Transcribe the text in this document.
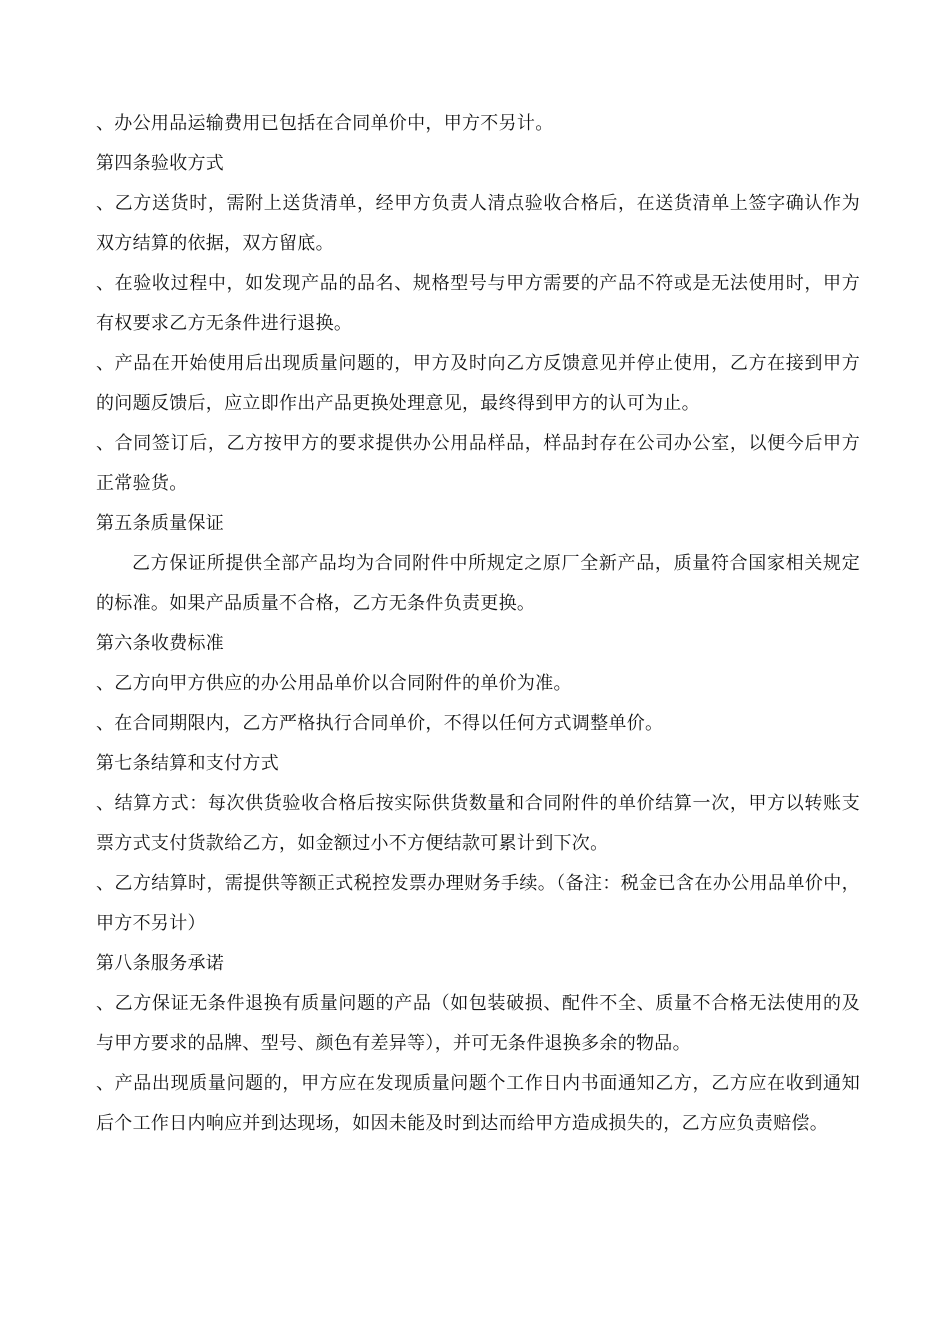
、办公用品运输费用已包括在合同单价中，甲方不另计。

第四条验收方式

、乙方送货时，需附上送货清单，经甲方负责人清点验收合格后，在送货清单上签字确认作为双方结算的依据，双方留底。

、在验收过程中，如发现产品的品名、规格型号与甲方需要的产品不符或是无法使用时，甲方有权要求乙方无条件进行退换。

、产品在开始使用后出现质量问题的，甲方及时向乙方反馈意见并停止使用，乙方在接到甲方的问题反馈后，应立即作出产品更换处理意见，最终得到甲方的认可为止。

、合同签订后，乙方按甲方的要求提供办公用品样品，样品封存在公司办公室，以便今后甲方正常验货。

第五条质量保证

乙方保证所提供全部产品均为合同附件中所规定之原厂全新产品，质量符合国家相关规定的标准。如果产品质量不合格，乙方无条件负责更换。

第六条收费标准

、乙方向甲方供应的办公用品单价以合同附件的单价为准。

、在合同期限内，乙方严格执行合同单价，不得以任何方式调整单价。

第七条结算和支付方式

、结算方式：每次供货验收合格后按实际供货数量和合同附件的单价结算一次，甲方以转账支票方式支付货款给乙方，如金额过小不方便结款可累计到下次。

、乙方结算时，需提供等额正式税控发票办理财务手续。（备注：税金已含在办公用品单价中，甲方不另计）

第八条服务承诺

、乙方保证无条件退换有质量问题的产品（如包装破损、配件不全、质量不合格无法使用的及与甲方要求的品牌、型号、颜色有差异等），并可无条件退换多余的物品。

、产品出现质量问题的，甲方应在发现质量问题个工作日内书面通知乙方，乙方应在收到通知后个工作日内响应并到达现场，如因未能及时到达而给甲方造成损失的，乙方应负责赔偿。
